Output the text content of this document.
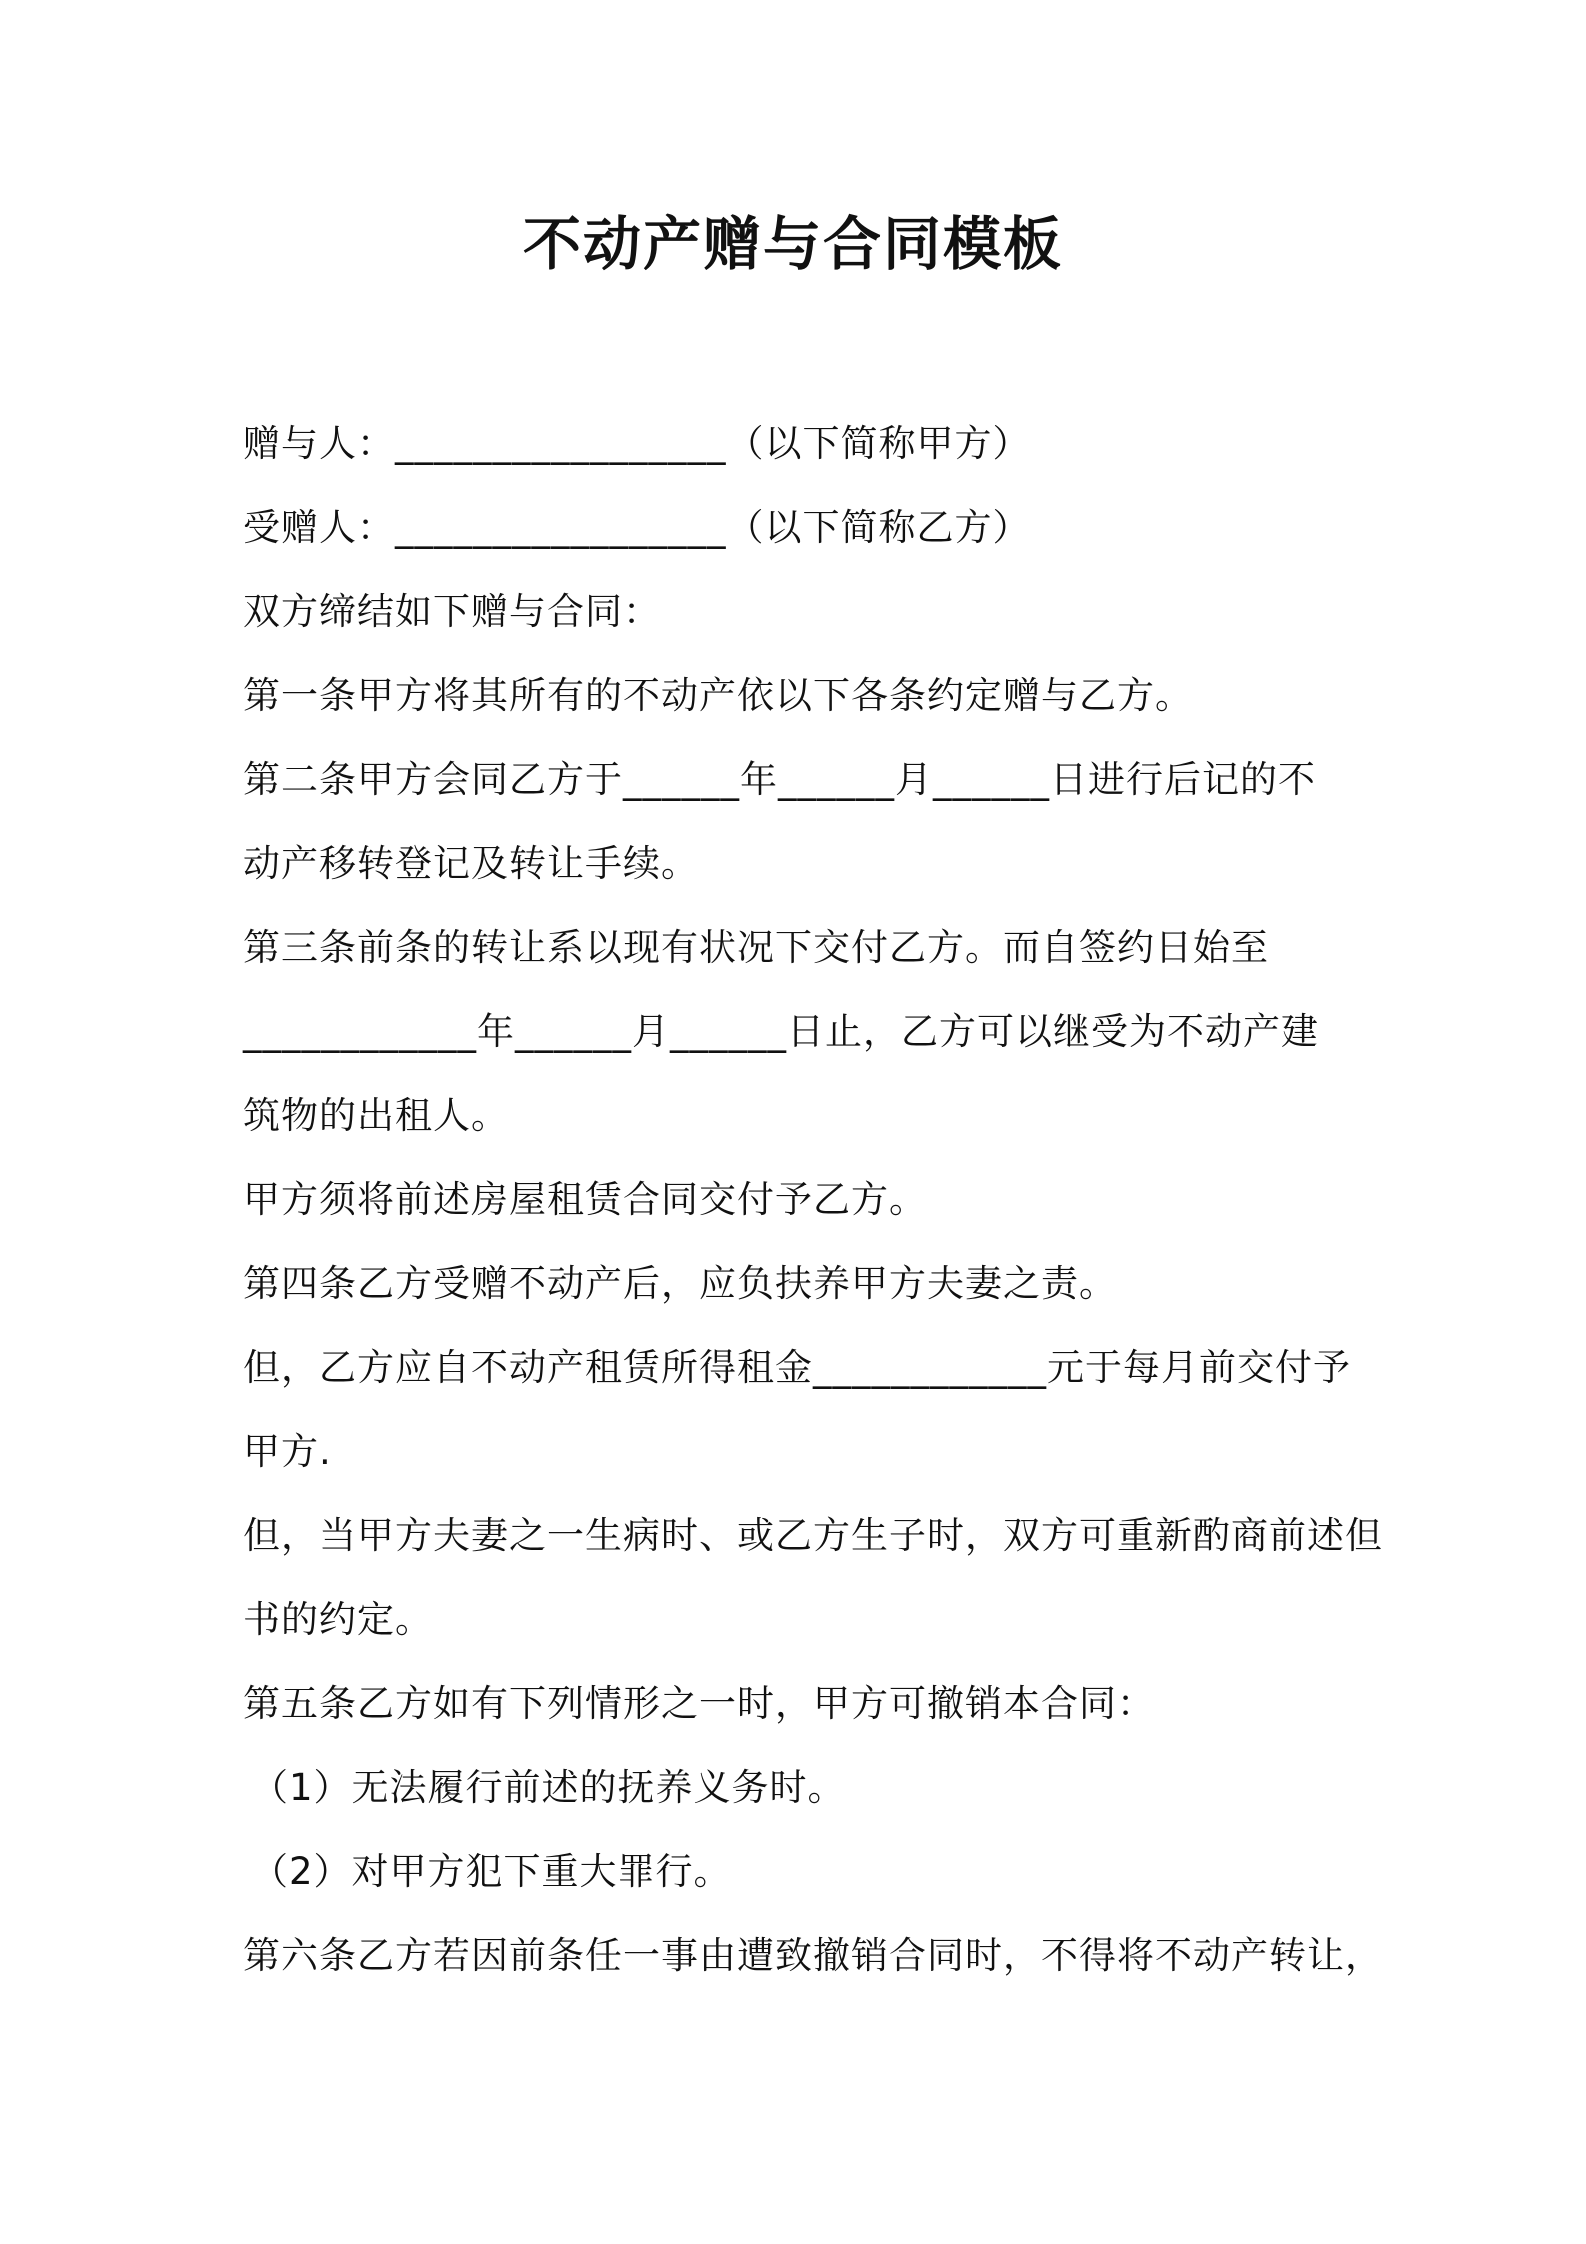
不动产赠与合同模板
赠与人：_________________（以下简称甲方）
受赠人：_________________（以下简称乙方）
双方缔结如下赠与合同：
第一条甲方将其所有的不动产依以下各条约定赠与乙方。
第二条甲方会同乙方于______年______月______日进行后记的不
动产移转登记及转让手续。
第三条前条的转让系以现有状况下交付乙方。而自签约日始至
____________年______月______日止，乙方可以继受为不动产建
筑物的出租人。
甲方须将前述房屋租赁合同交付予乙方。
第四条乙方受赠不动产后，应负扶养甲方夫妻之责。
但，乙方应自不动产租赁所得租金____________元于每月前交付予
甲方.
但，当甲方夫妻之一生病时、或乙方生子时，双方可重新酌商前述但
书的约定。
第五条乙方如有下列情形之一时，甲方可撤销本合同：
（1）无法履行前述的抚养义务时。
（2）对甲方犯下重大罪行。
第六条乙方若因前条任一事由遭致撤销合同时，不得将不动产转让，
